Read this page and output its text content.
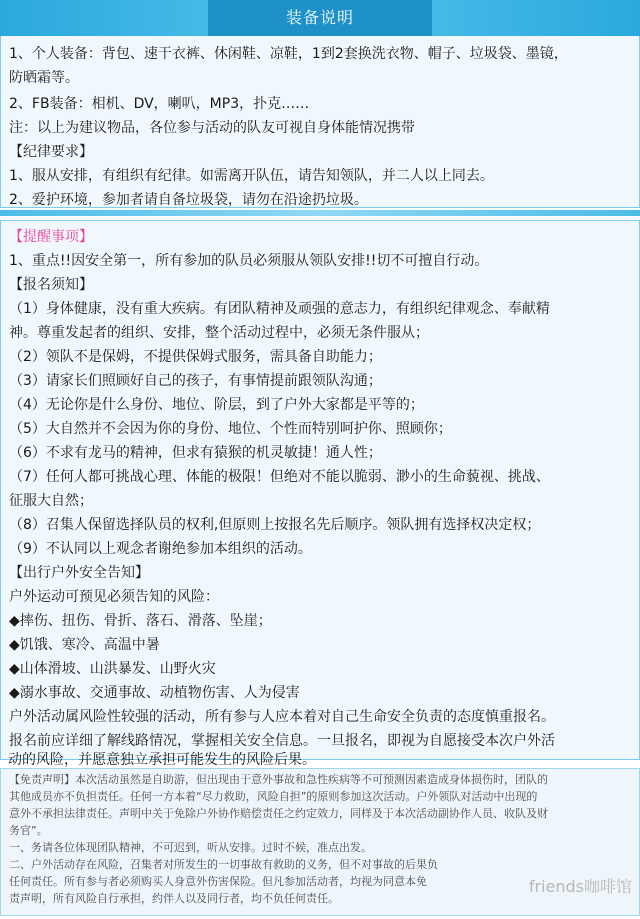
装备说明
1、个人装备：背包、速干衣裤、休闲鞋、凉鞋，1到2套换洗衣物、帽子、垃圾袋、墨镜，
防晒霜等。
2、FB装备：相机、DV，喇叭，MP3，扑克……
注：以上为建议物品，各位参与活动的队友可视自身体能情况携带
【纪律要求】
1、服从安排，有组织有纪律。如需离开队伍，请告知领队，并二人以上同去。
2、爱护环境，参加者请自备垃圾袋，请勿在沿途扔垃圾。
【提醒事项】
1、重点!!因安全第一，所有参加的队员必须服从领队安排!!切不可擅自行动。
【报名须知】
（1）身体健康，没有重大疾病。有团队精神及顽强的意志力，有组织纪律观念、奉献精
神。尊重发起者的组织、安排，整个活动过程中，必须无条件服从；
（2）领队不是保姆，不提供保姆式服务，需具备自助能力；
（3）请家长们照顾好自己的孩子，有事情提前跟领队沟通；
（4）无论你是什么身份、地位、阶层，到了户外大家都是平等的；
（5）大自然并不会因为你的身份、地位、个性而特别呵护你、照顾你；
（6）不求有龙马的精神，但求有猿猴的机灵敏捷！通人性；
（7）任何人都可挑战心理、体能的极限！但绝对不能以脆弱、渺小的生命藐视、挑战、
征服大自然；
（8）召集人保留选择队员的权利,但原则上按报名先后顺序。领队拥有选择权决定权；
（9）不认同以上观念者谢绝参加本组织的活动。
【出行户外安全告知】
户外运动可预见必须告知的风险：
◆摔伤、扭伤、骨折、落石、滑落、坠崖；
◆饥饿、寒冷、高温中暑
◆山体滑坡、山洪暴发、山野火灾
◆溺水事故、交通事故、动植物伤害、人为侵害
户外活动属风险性较强的活动，所有参与人应本着对自己生命安全负责的态度慎重报名。
报名前应详细了解线路情况，掌握相关安全信息。一旦报名，即视为自愿接受本次户外活
动的风险，并愿意独立承担可能发生的风险后果。
【免责声明】本次活动虽然是自助游，但出现由于意外事故和急性疾病等不可预测因素造成身体损伤时，团队的
其他成员亦不负担责任。任何一方本着“尽力救助，风险自担”的原则参加这次活动。户外领队对活动中出现的
意外不承担法律责任。声明中关于免除户外协作赔偿责任之约定效力，同样及于本次活动副协作人员、收队及财
务官”。
一、务请各位体现团队精神，不可迟到，听从安排。过时不候，准点出发。
二、户外活动存在风险，召集者对所发生的一切事故有救助的义务，但不对事故的后果负
任何责任。所有参与者必须购买人身意外伤害保险。但凡参加活动者，均视为同意本免
责声明，所有风险自行承担，约伴人以及同行者，均不负任何责任。
friends咖啡馆
